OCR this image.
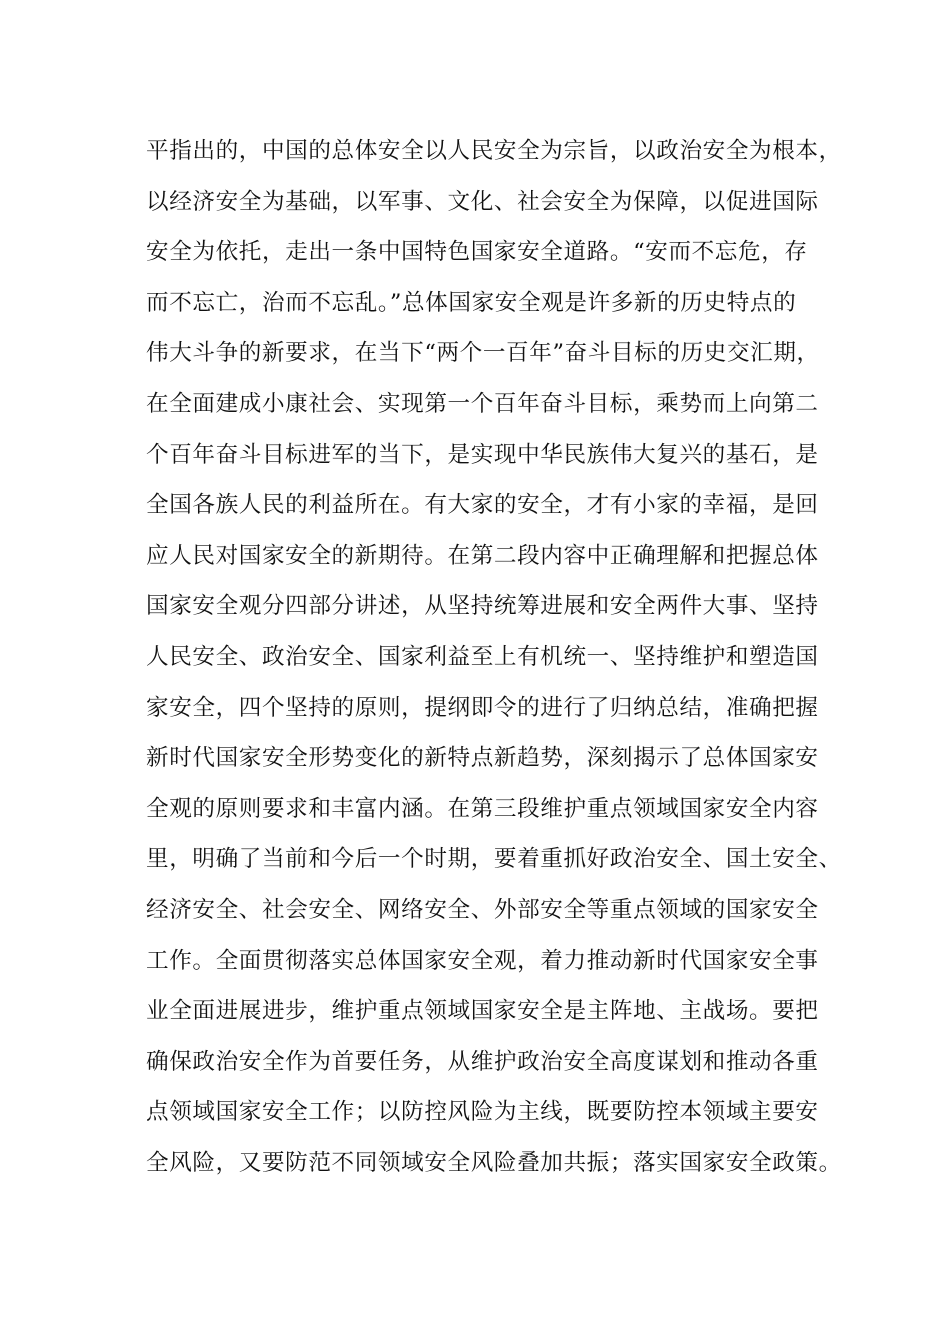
平指出的，中国的总体安全以人民安全为宗旨，以政治安全为根本，
以经济安全为基础，以军事、文化、社会安全为保障，以促进国际
安全为依托，走出一条中国特色国家安全道路。“安而不忘危，存
而不忘亡，治而不忘乱。”总体国家安全观是许多新的历史特点的
伟大斗争的新要求，在当下“两个一百年”奋斗目标的历史交汇期，
在全面建成小康社会、实现第一个百年奋斗目标，乘势而上向第二
个百年奋斗目标进军的当下，是实现中华民族伟大复兴的基石，是
全国各族人民的利益所在。有大家的安全，才有小家的幸福，是回
应人民对国家安全的新期待。在第二段内容中正确理解和把握总体
国家安全观分四部分讲述，从坚持统筹进展和安全两件大事、坚持
人民安全、政治安全、国家利益至上有机统一、坚持维护和塑造国
家安全，四个坚持的原则，提纲即令的进行了归纳总结，准确把握
新时代国家安全形势变化的新特点新趋势，深刻揭示了总体国家安
全观的原则要求和丰富内涵。在第三段维护重点领域国家安全内容
里，明确了当前和今后一个时期，要着重抓好政治安全、国土安全、
经济安全、社会安全、网络安全、外部安全等重点领域的国家安全
工作。全面贯彻落实总体国家安全观，着力推动新时代国家安全事
业全面进展进步，维护重点领域国家安全是主阵地、主战场。要把
确保政治安全作为首要任务，从维护政治安全高度谋划和推动各重
点领域国家安全工作；以防控风险为主线，既要防控本领域主要安
全风险，又要防范不同领域安全风险叠加共振；落实国家安全政策。
